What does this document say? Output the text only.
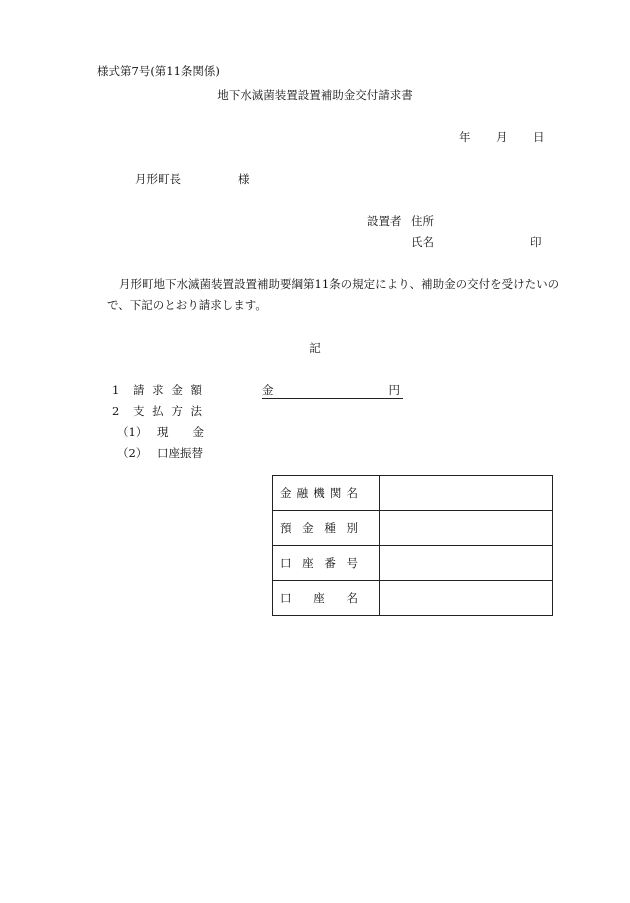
様式第7号(第11条関係)
地下水滅菌装置設置補助金交付請求書
年 月 日
月形町長	様
設置者 住所
氏名	印
月形町地下水滅菌装置設置補助要綱第11条の規定により、補助金の交付を受けたいの
で、下記のとおり請求します。
記
1 請 求 金 額	金	円
2 支 払 方 法
（1） 現 金
（2） 口座振替
金 融 機 関 名	

預 金 種 別	

口 座 番 号	

口 座 名	
